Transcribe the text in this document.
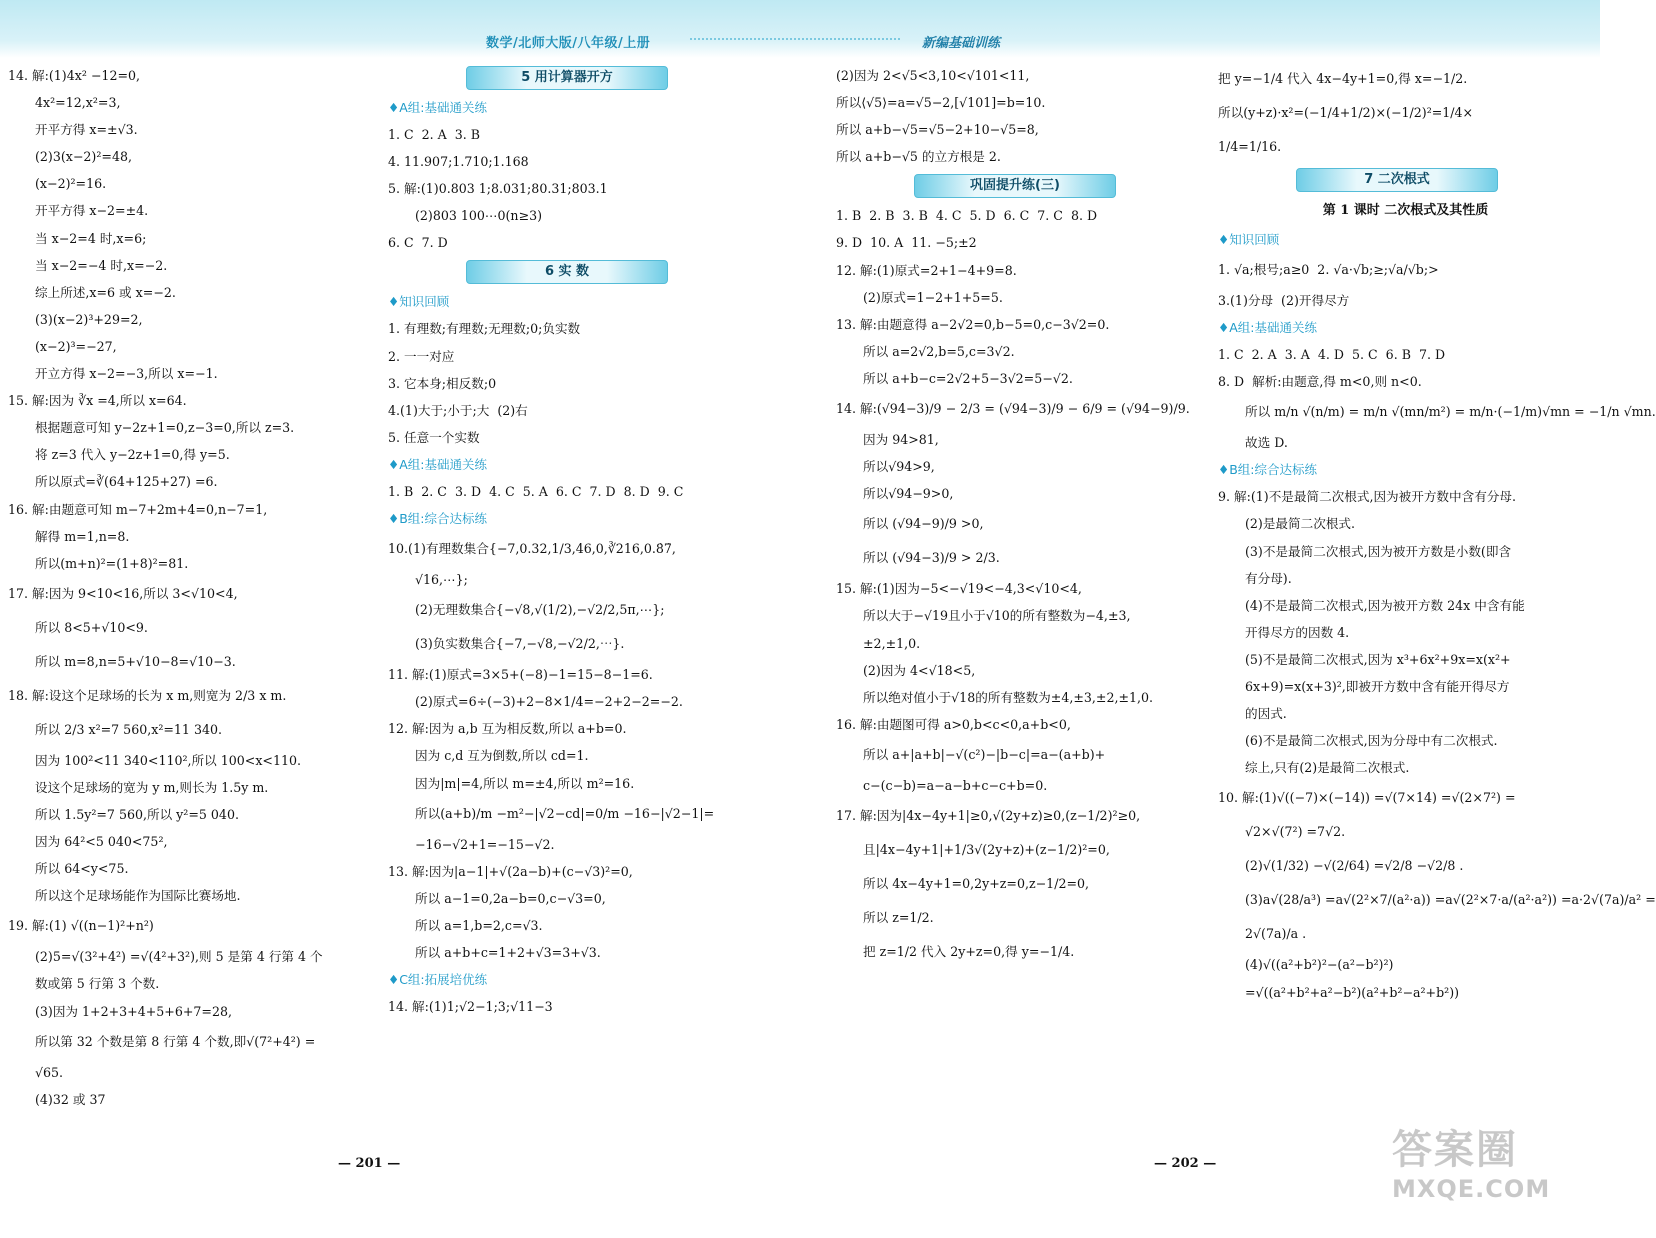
数学/北师大版/八年级/上册	新编基础训练

14. 解:(1)4x² −12=0,

4x²=12,x²=3,

开平方得 x=±√3.

(2)3(x−2)²=48,

(x−2)²=16.

开平方得 x−2=±4.

当 x−2=4 时,x=6;

当 x−2=−4 时,x=−2.

综上所述,x=6 或 x=−2.

(3)(x−2)³+29=2,

(x−2)³=−27,

开立方得 x−2=−3,所以 x=−1.

15. 解:因为 ∛x =4,所以 x=64.

根据题意可知 y−2z+1=0,z−3=0,所以 z=3.

将 z=3 代入 y−2z+1=0,得 y=5.

所以原式=∛(64+125+27) =6.

16. 解:由题意可知 m−7+2m+4=0,n−7=1,

解得 m=1,n=8.

所以(m+n)²=(1+8)²=81.

17. 解:因为 9<10<16,所以 3<√10<4,

所以 8<5+√10<9.

所以 m=8,n=5+√10−8=√10−3.

18. 解:设这个足球场的长为 x m,则宽为 2/3 x m.

所以 2/3 x²=7 560,x²=11 340.

因为 100²<11 340<110²,所以 100<x<110.

设这个足球场的宽为 y m,则长为 1.5y m.

所以 1.5y²=7 560,所以 y²=5 040.

因为 64²<5 040<75²,

所以 64<y<75.

所以这个足球场能作为国际比赛场地.

19. 解:(1) √((n−1)²+n²)

(2)5=√(3²+4²) =√(4²+3²),则 5 是第 4 行第 4 个

数或第 5 行第 3 个数.

(3)因为 1+2+3+4+5+6+7=28,

所以第 32 个数是第 8 行第 4 个数,即√(7²+4²) =

√65.

(4)32 或 37

5 用计算器开方
♦A组:基础通关练

1. C  2. A  3. B

4. 11.907;1.710;1.168

5. 解:(1)0.803 1;8.031;80.31;803.1

(2)803 100⋯0(n≥3)

6. C  7. D

6 实 数
♦知识回顾

1. 有理数;有理数;无理数;0;负实数

2. 一一对应

3. 它本身;相反数;0

4.(1)大于;小于;大  (2)右

5. 任意一个实数

♦A组:基础通关练

1. B  2. C  3. D  4. C  5. A  6. C  7. D  8. D  9. C

♦B组:综合达标练

10.(1)有理数集合{−7,0.32,1/3,46,0,∛216,0.8̇7̇,

√16,⋯};

(2)无理数集合{−√8,√(1/2),−√2/2,5π,⋯};

(3)负实数集合{−7,−√8,−√2/2,⋯}.

11. 解:(1)原式=3×5+(−8)−1=15−8−1=6.

(2)原式=6÷(−3)+2−8×1/4=−2+2−2=−2.

12. 解:因为 a,b 互为相反数,所以 a+b=0.

因为 c,d 互为倒数,所以 cd=1.

因为|m|=4,所以 m=±4,所以 m²=16.

所以(a+b)/m −m²−|√2−cd|=0/m −16−|√2−1|=

−16−√2+1=−15−√2.

13. 解:因为|a−1|+√(2a−b)+(c−√3)²=0,

所以 a−1=0,2a−b=0,c−√3=0,

所以 a=1,b=2,c=√3.

所以 a+b+c=1+2+√3=3+√3.

♦C组:拓展培优练

14. 解:(1)1;√2−1;3;√11−3

(2)因为 2<√5<3,10<√101<11,

所以⟨√5⟩=a=√5−2,[√101]=b=10.

所以 a+b−√5=√5−2+10−√5=8,

所以 a+b−√5 的立方根是 2.

巩固提升练(三)

1. B  2. B  3. B  4. C  5. D  6. C  7. C  8. D

9. D  10. A  11. −5;±2

12. 解:(1)原式=2+1−4+9=8.

(2)原式=1−2+1+5=5.

13. 解:由题意得 a−2√2=0,b−5=0,c−3√2=0.

所以 a=2√2,b=5,c=3√2.

所以 a+b−c=2√2+5−3√2=5−√2.

14. 解:(√94−3)/9 − 2/3 = (√94−3)/9 − 6/9 = (√94−9)/9.

因为 94>81,

所以√94>9,

所以√94−9>0,

所以 (√94−9)/9 >0,

所以 (√94−3)/9 > 2/3.

15. 解:(1)因为−5<−√19<−4,3<√10<4,

所以大于−√19且小于√10的所有整数为−4,±3,

±2,±1,0.

(2)因为 4<√18<5,

所以绝对值小于√18的所有整数为±4,±3,±2,±1,0.

16. 解:由题图可得 a>0,b<c<0,a+b<0,

所以 a+|a+b|−√(c²)−|b−c|=a−(a+b)+

c−(c−b)=a−a−b+c−c+b=0.

17. 解:因为|4x−4y+1|≥0,√(2y+z)≥0,(z−1/2)²≥0,

且|4x−4y+1|+1/3√(2y+z)+(z−1/2)²=0,

所以 4x−4y+1=0,2y+z=0,z−1/2=0,

所以 z=1/2.

把 z=1/2 代入 2y+z=0,得 y=−1/4.

把 y=−1/4 代入 4x−4y+1=0,得 x=−1/2.

所以(y+z)·x²=(−1/4+1/2)×(−1/2)²=1/4×

1/4=1/16.

7 二次根式
第 1 课时 二次根式及其性质
♦知识回顾

1. √a;根号;a≥0  2. √a·√b;≥;√a/√b;>

3.(1)分母  (2)开得尽方

♦A组:基础通关练

1. C  2. A  3. A  4. D  5. C  6. B  7. D

8. D  解析:由题意,得 m<0,则 n<0.

所以 m/n √(n/m) = m/n √(mn/m²) = m/n·(−1/m)√mn = −1/n √mn.

故选 D.

♦B组:综合达标练

9. 解:(1)不是最简二次根式,因为被开方数中含有分母.

(2)是最简二次根式.

(3)不是最简二次根式,因为被开方数是小数(即含

有分母).

(4)不是最简二次根式,因为被开方数 24x 中含有能

开得尽方的因数 4.

(5)不是最简二次根式,因为 x³+6x²+9x=x(x²+

6x+9)=x(x+3)²,即被开方数中含有能开得尽方

的因式.

(6)不是最简二次根式,因为分母中有二次根式.

综上,只有(2)是最简二次根式.

10. 解:(1)√((−7)×(−14)) =√(7×14) =√(2×7²) =

√2×√(7²) =7√2.

(2)√(1/32) −√(2/64) =√2/8 −√2/8 .

(3)a√(28/a³) =a√(2²×7/(a²·a)) =a√(2²×7·a/(a²·a²)) =a·2√(7a)/a² =

2√(7a)/a .

(4)√((a²+b²)²−(a²−b²)²)

=√((a²+b²+a²−b²)(a²+b²−a²+b²))

— 201 —	— 202 —	答案圈
MXQE.COM
